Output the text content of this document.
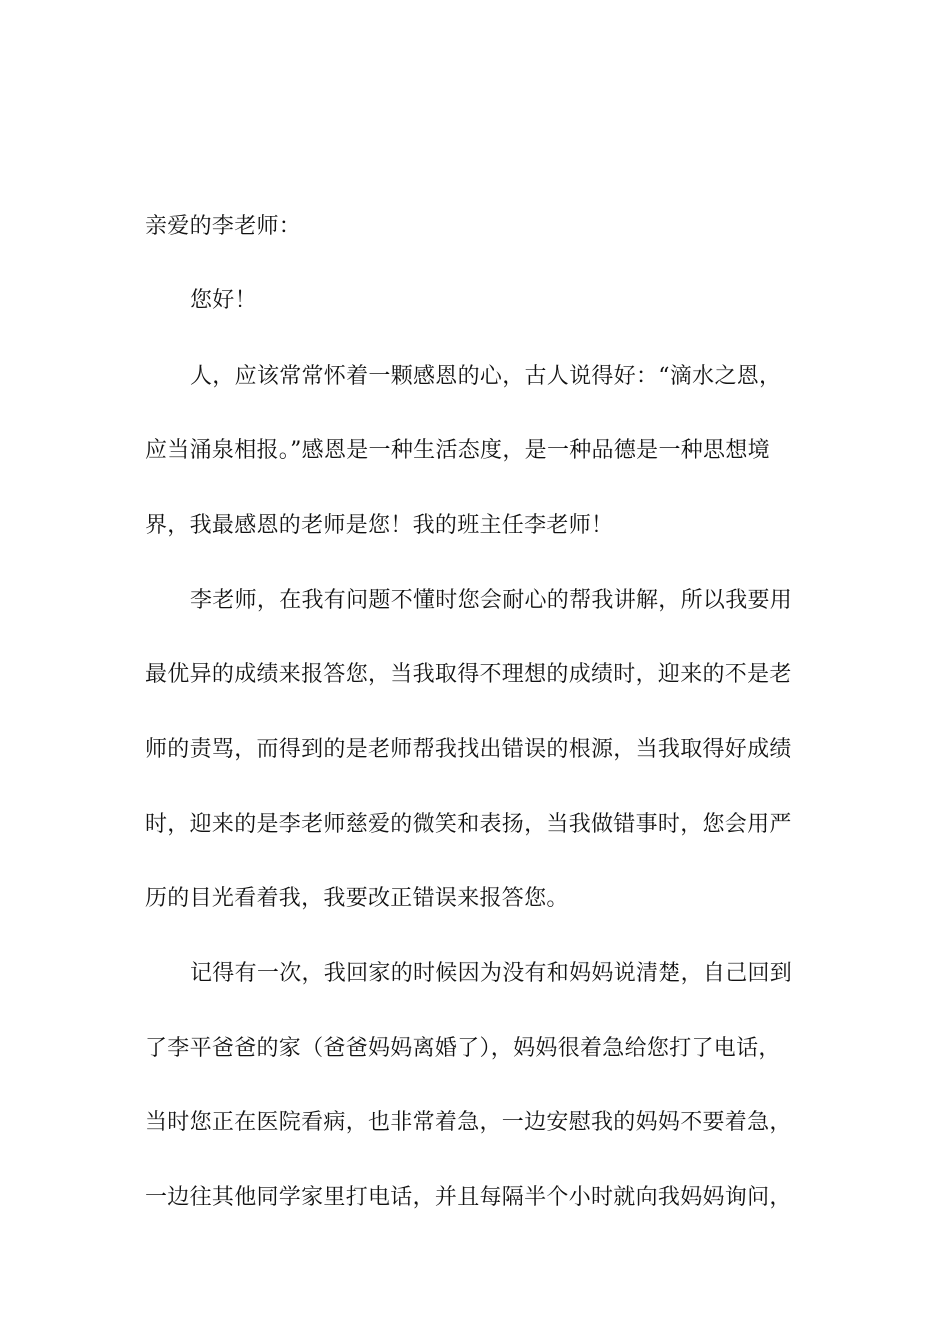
亲爱的李老师：
您好！
人，应该常常怀着一颗感恩的心，古人说得好：“滴水之恩，
应当涌泉相报。”感恩是一种生活态度，是一种品德是一种思想境
界，我最感恩的老师是您！我的班主任李老师！
李老师，在我有问题不懂时您会耐心的帮我讲解，所以我要用
最优异的成绩来报答您，当我取得不理想的成绩时，迎来的不是老
师的责骂，而得到的是老师帮我找出错误的根源，当我取得好成绩
时，迎来的是李老师慈爱的微笑和表扬，当我做错事时，您会用严
历的目光看着我，我要改正错误来报答您。
记得有一次，我回家的时候因为没有和妈妈说清楚，自己回到
了李平爸爸的家（爸爸妈妈离婚了），妈妈很着急给您打了电话，
当时您正在医院看病，也非常着急，一边安慰我的妈妈不要着急，
一边往其他同学家里打电话，并且每隔半个小时就向我妈妈询问，
